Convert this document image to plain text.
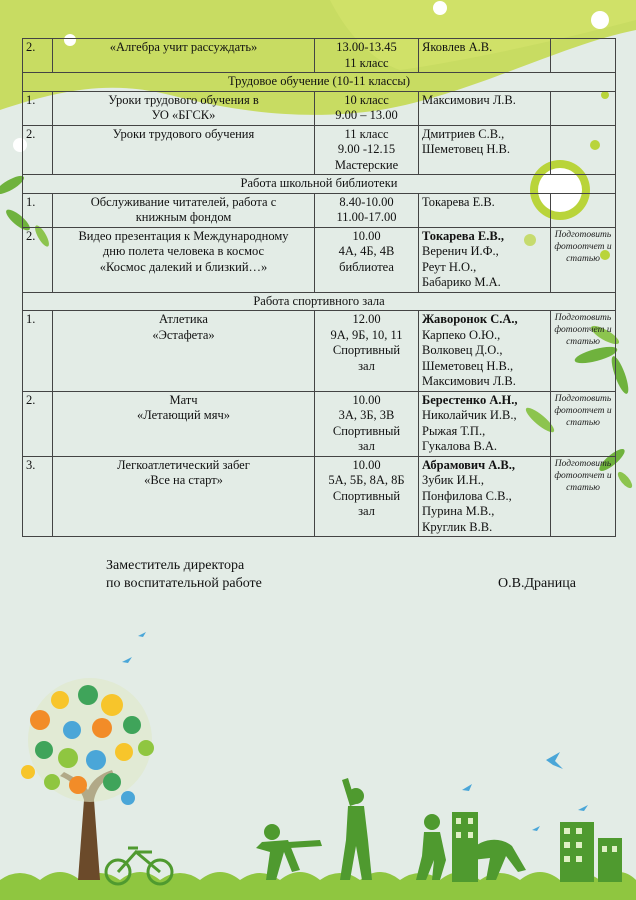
2.	«Алгебра учит рассуждать»	13.00-13.45
11 класс	Яковлев А.В.	

Трудовое обучение (10-11 классы)				
1.	Уроки трудового обучения в
УО «БГСК»	10 класс
9.00 – 13.00	Максимович Л.В.	

2.	Уроки трудового обучения	11 класс
9.00 -12.15
Мастерские	Дмитриев С.В.,
Шеметовец Н.В.	

Работа школьной библиотеки				
1.	Обслуживание читателей, работа с
книжным фондом	8.40-10.00
11.00-17.00	Токарева Е.В.	

2.	Видео презентация к Международному
дню полета человека в космос
«Космос далекий и близкий…»	10.00
4А, 4Б, 4В
библиотеа	Токарева Е.В.,
Веренич И.Ф.,
Реут Н.О.,
Бабарико М.А.	Подготовить
фотоотчет и
статью

Работа спортивного зала				
1.	Атлетика
«Эстафета»	12.00
9А, 9Б, 10, 11
Спортивный
зал	Жаворонок С.А.,
Карпеко О.Ю.,
Волковец Д.О.,
Шеметовец Н.В.,
Максимович Л.В.	Подготовить
фотоотчет и
статью

2.	Матч
«Летающий мяч»	10.00
3А, 3Б, 3В
Спортивный
зал	Берестенко А.Н.,
Николайчик И.В.,
Рыжая Т.П.,
Гукалова В.А.	Подготовить
фотоотчет и
статью

3.	Легкоатлетический забег
«Все на старт»	10.00
5А, 5Б, 8А, 8Б
Спортивный
зал	Абрамович А.В.,
Зубик И.Н.,
Понфилова С.В.,
Пурина М.В.,
Круглик В.В.	Подготовить
фотоотчет и
статью
Заместитель директора
по воспитательной работе	О.В.Драница
